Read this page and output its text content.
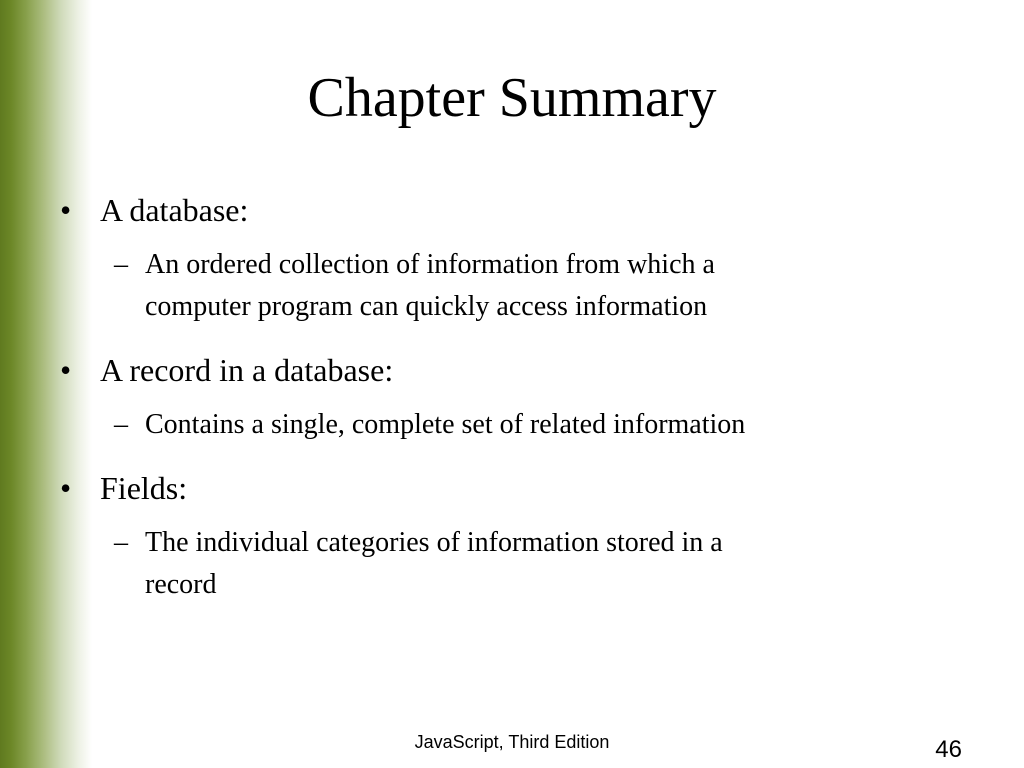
Chapter Summary
• A database:
– An ordered collection of information from which a
computer program can quickly access information
• A record in a database:
– Contains a single, complete set of related information
• Fields:
– The individual categories of information stored in a
record
JavaScript, Third Edition	46
